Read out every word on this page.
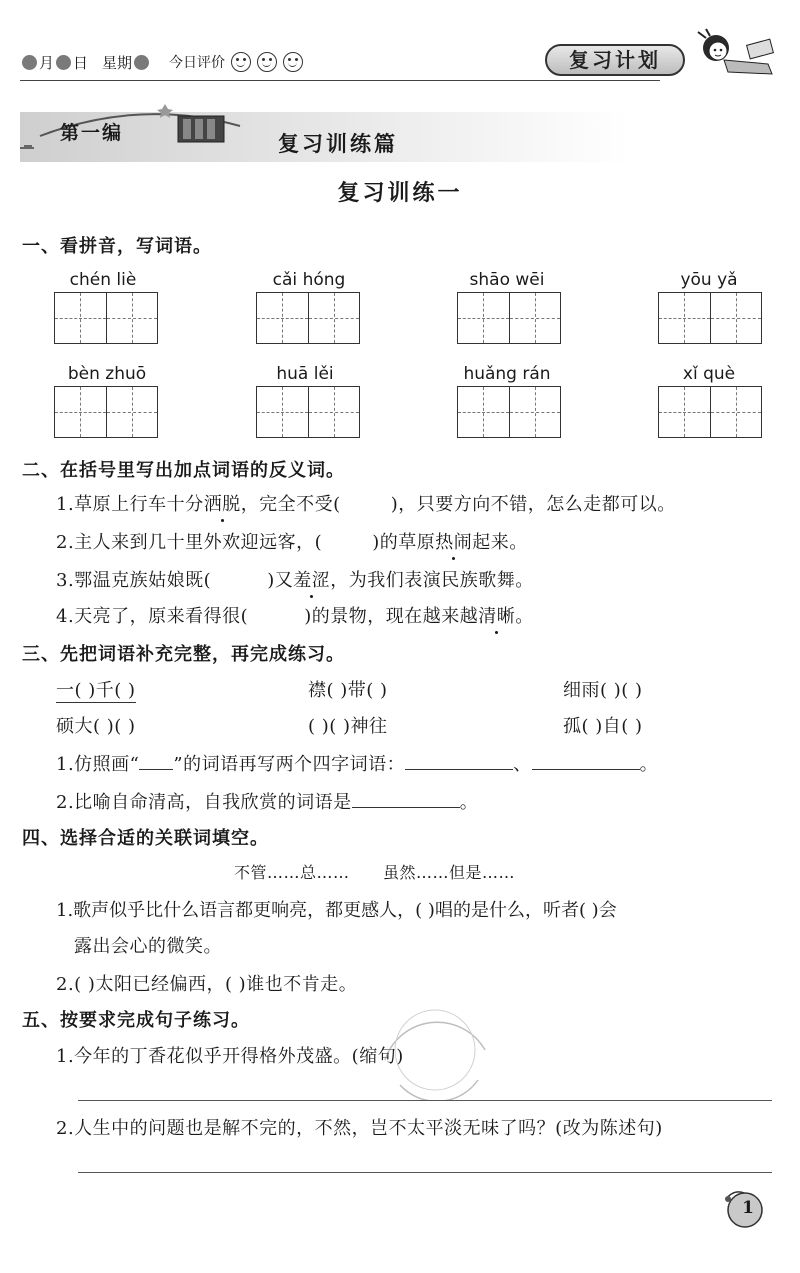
月 日 星期	今日评价	复习计划
第一编	复习训练篇
复习训练一
一、看拼音，写词语。
chén liè	cǎi hóng	shāo wēi	yōu yǎ
bèn zhuō	huā lěi	huǎng rán	xǐ què
二、在括号里写出加点词语的反义词。
1.草原上行车十分洒脱，完全不受(	)，只要方向不错，怎么走都可以。
2.主人来到几十里外欢迎远客，(	)的草原热闹起来。
3.鄂温克族姑娘既(	)又羞涩，为我们表演民族歌舞。
4.天亮了，原来看得很(	)的景物，现在越来越清晰。
三、先把词语补充完整，再完成练习。
一( )千( )	襟( )带( )	细雨( )( )
硕大( )( )	( )( )神往	孤( )自( )
1.仿照画“ ”的词语再写两个四字词语：	、	。
2.比喻自命清高，自我欣赏的词语是	。
四、选择合适的关联词填空。
不管……总……      虽然……但是……
1.歌声似乎比什么语言都更响亮，都更感人，( )唱的是什么，听者( )会
露出会心的微笑。
2.( )太阳已经偏西，( )谁也不肯走。
五、按要求完成句子练习。
1.今年的丁香花似乎开得格外茂盛。(缩句)
2.人生中的问题也是解不完的，不然，岂不太平淡无味了吗？(改为陈述句)
1
